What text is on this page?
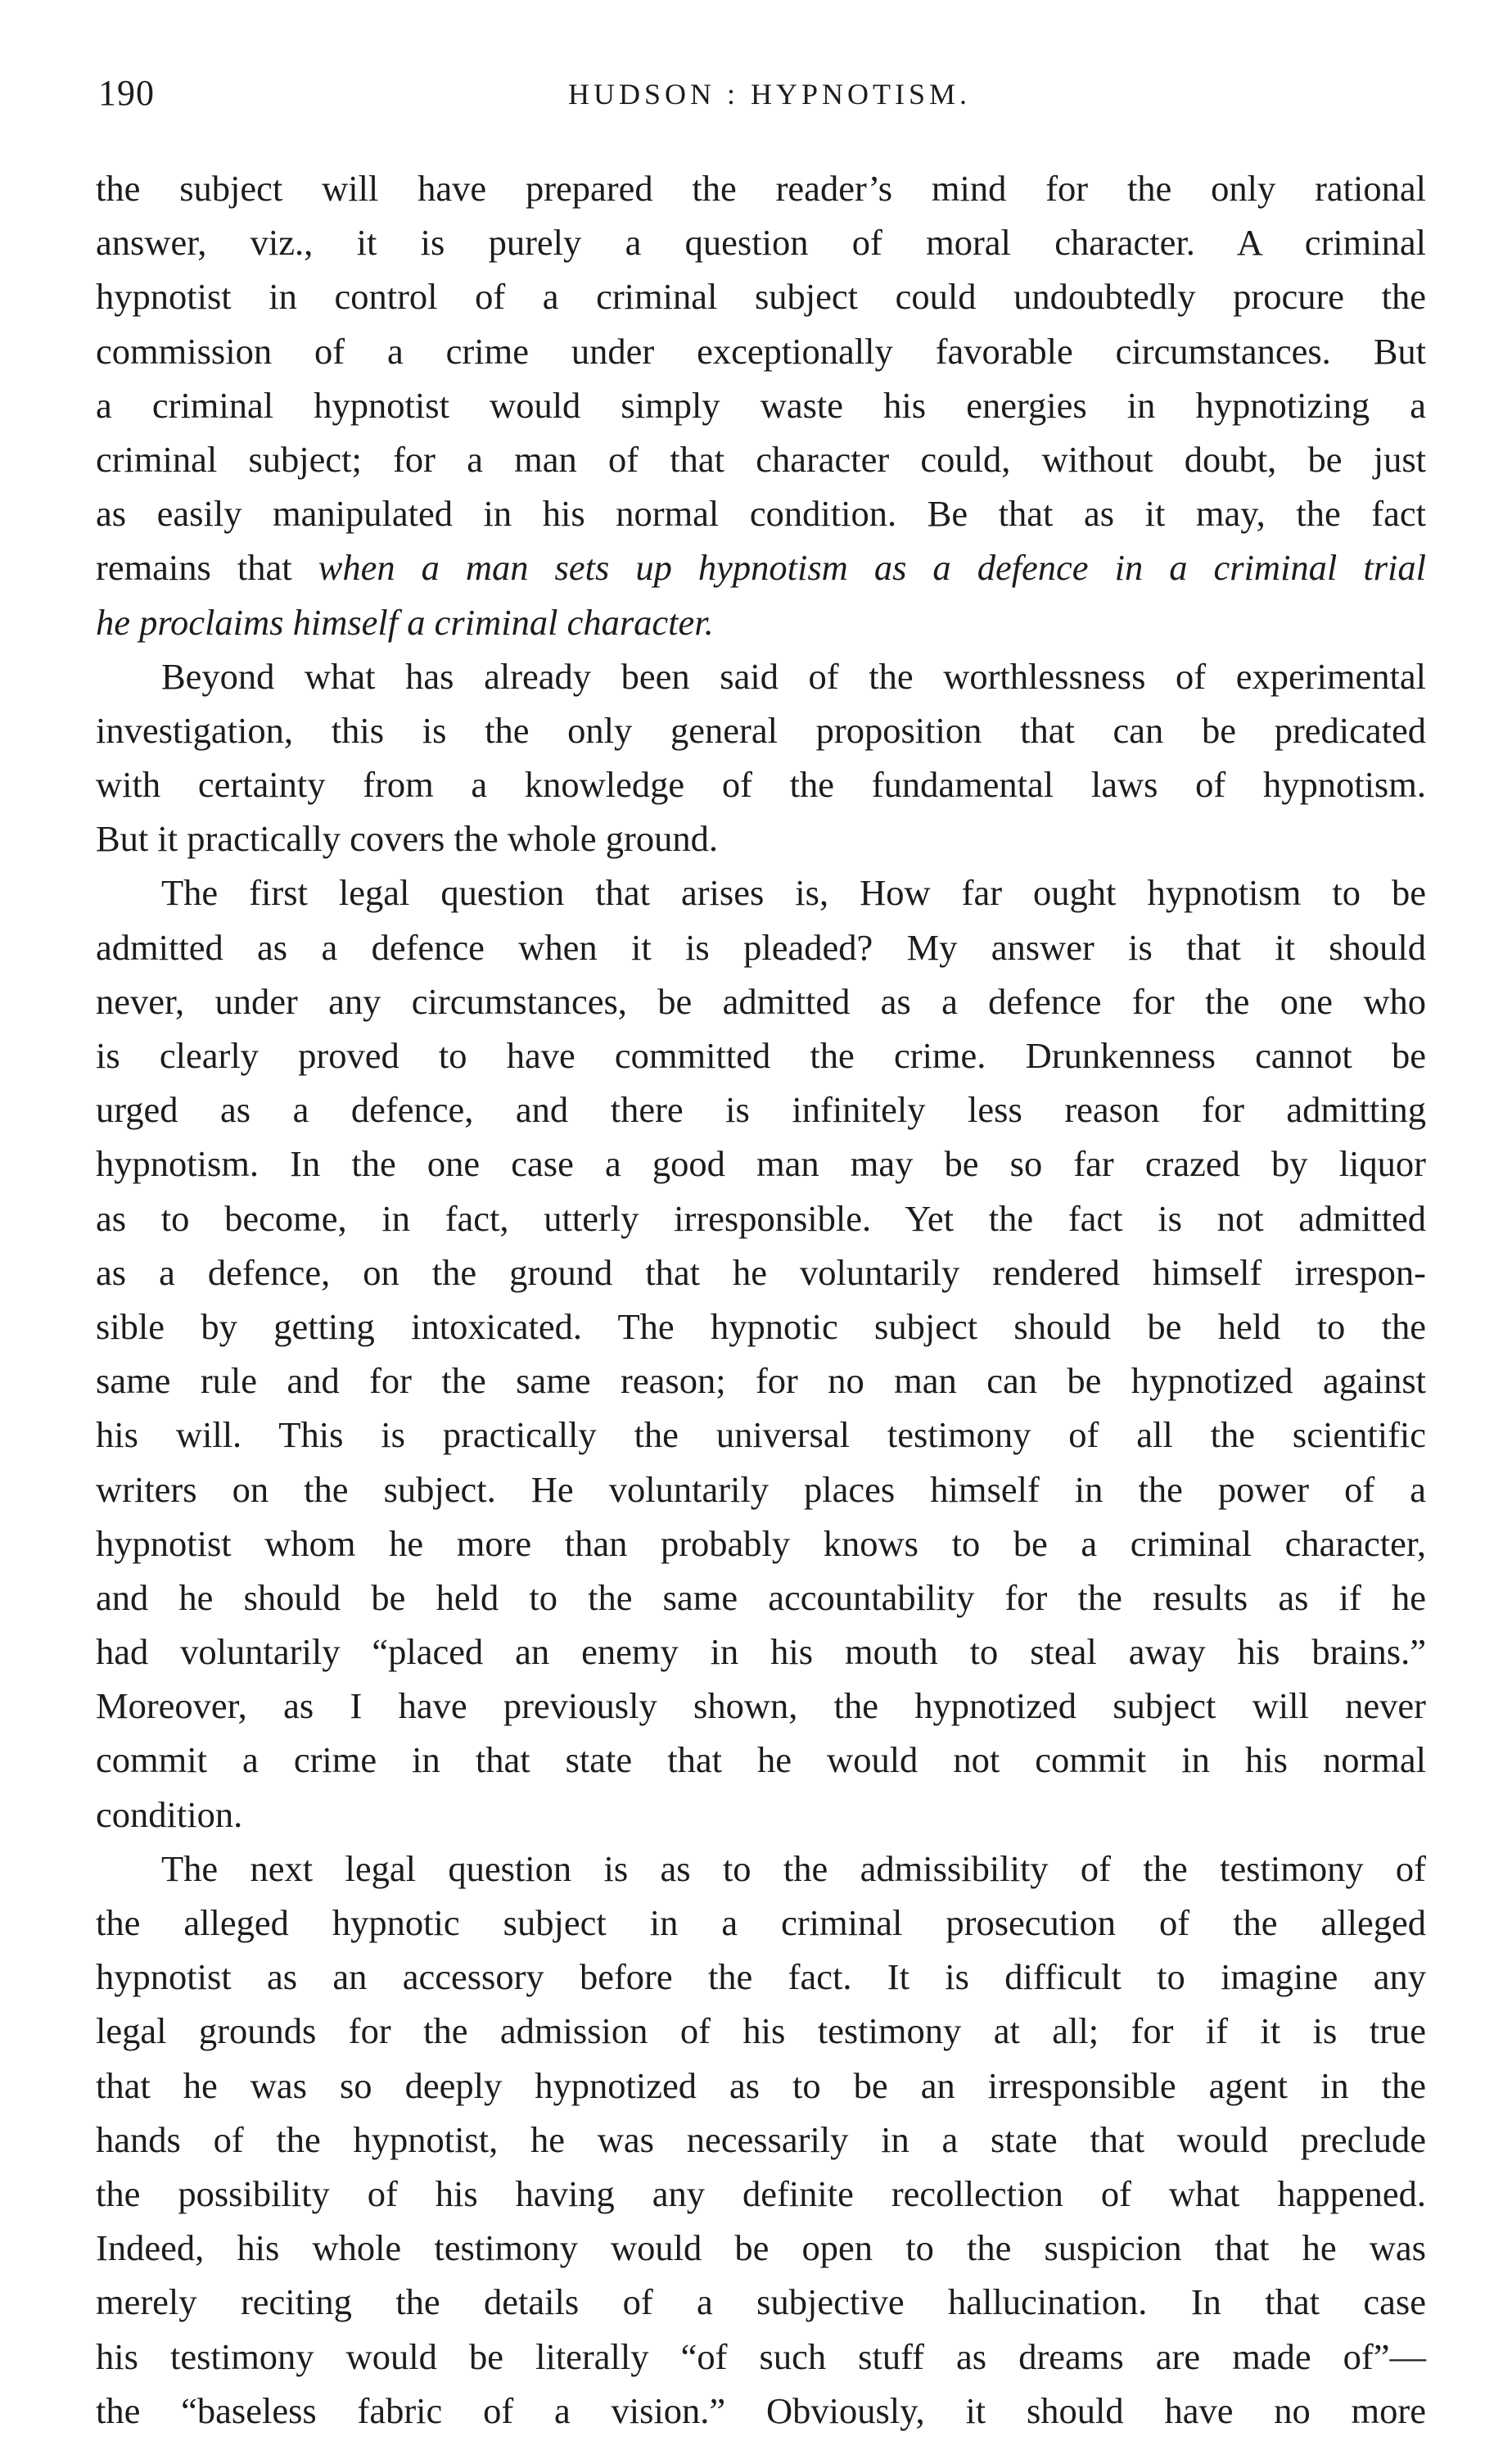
190	HUDSON : HYPNOTISM.
the subject will have prepared the reader’s mind for the only rational
answer, viz., it is purely a question of moral character. A criminal
hypnotist in control of a criminal subject could undoubtedly procure the
commission of a crime under exceptionally favorable circumstances. But
a criminal hypnotist would simply waste his energies in hypnotizing a
criminal subject; for a man of that character could, without doubt, be just
as easily manipulated in his normal condition. Be that as it may, the fact
remains that when a man sets up hypnotism as a defence in a criminal trial
he proclaims himself a criminal character.
Beyond what has already been said of the worthlessness of experimental
investigation, this is the only general proposition that can be predicated
with certainty from a knowledge of the fundamental laws of hypnotism.
But it practically covers the whole ground.
The first legal question that arises is, How far ought hypnotism to be
admitted as a defence when it is pleaded? My answer is that it should
never, under any circumstances, be admitted as a defence for the one who
is clearly proved to have committed the crime. Drunkenness cannot be
urged as a defence, and there is infinitely less reason for admitting
hypnotism. In the one case a good man may be so far crazed by liquor
as to become, in fact, utterly irresponsible. Yet the fact is not admitted
as a defence, on the ground that he voluntarily rendered himself irrespon-
sible by getting intoxicated. The hypnotic subject should be held to the
same rule and for the same reason; for no man can be hypnotized against
his will. This is practically the universal testimony of all the scientific
writers on the subject. He voluntarily places himself in the power of a
hypnotist whom he more than probably knows to be a criminal character,
and he should be held to the same accountability for the results as if he
had voluntarily “placed an enemy in his mouth to steal away his brains.”
Moreover, as I have previously shown, the hypnotized subject will never
commit a crime in that state that he would not commit in his normal
condition.
The next legal question is as to the admissibility of the testimony of
the alleged hypnotic subject in a criminal prosecution of the alleged
hypnotist as an accessory before the fact. It is difficult to imagine any
legal grounds for the admission of his testimony at all; for if it is true
that he was so deeply hypnotized as to be an irresponsible agent in the
hands of the hypnotist, he was necessarily in a state that would preclude
the possibility of his having any definite recollection of what happened.
Indeed, his whole testimony would be open to the suspicion that he was
merely reciting the details of a subjective hallucination. In that case
his testimony would be literally “of such stuff as dreams are made of”—
the “baseless fabric of a vision.” Obviously, it should have no more
